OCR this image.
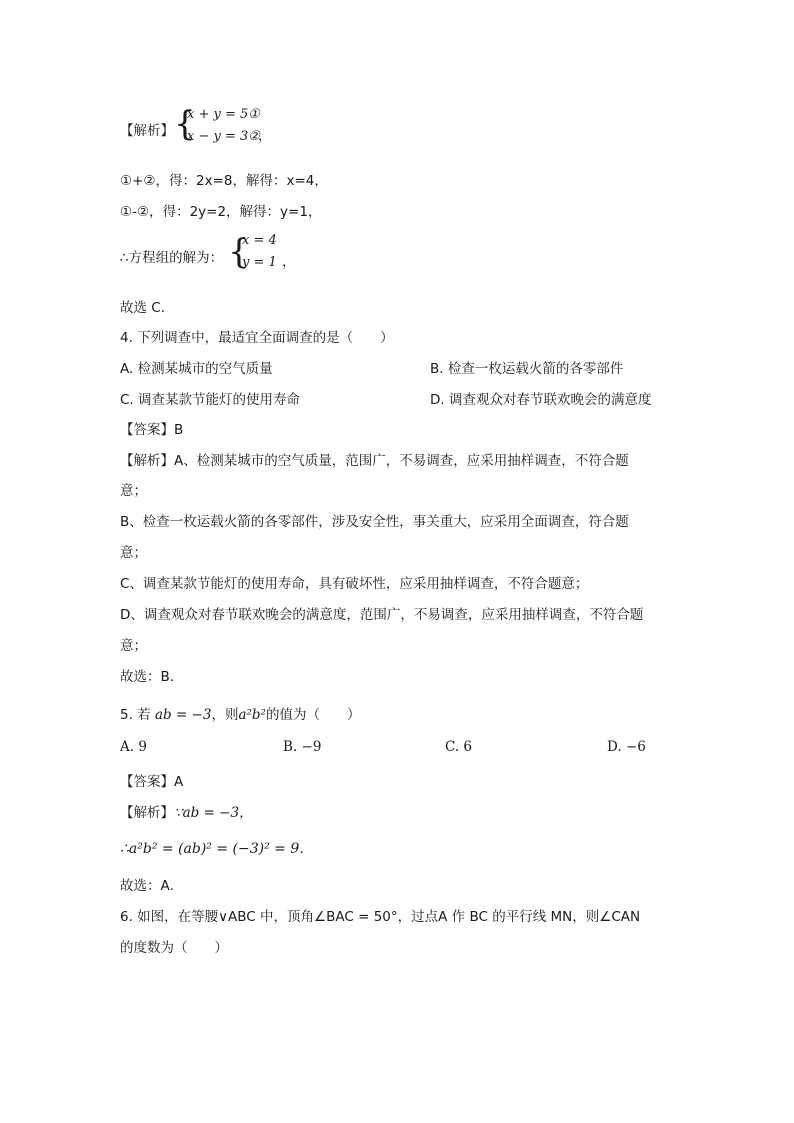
【解析】 {
x + y = 5①
x − y = 3②
，
①+②，得：2x=8，解得：x=4，
①-②，得：2y=2，解得：y=1，
∴方程组的解为： {
x = 4
y = 1 ，
故选 C．
4. 下列调查中，最适宜全面调查的是（　　）
A. 检测某城市的空气质量	B. 检查一枚运载火箭的各零部件
C. 调查某款节能灯的使用寿命	D. 调查观众对春节联欢晚会的满意度
【答案】B
【解析】A、检测某城市的空气质量，范围广，不易调查，应采用抽样调查，不符合题
意；
B、检查一枚运载火箭的各零部件，涉及安全性，事关重大，应采用全面调查，符合题
意；
C、调查某款节能灯的使用寿命，具有破坏性，应采用抽样调查，不符合题意；
D、调查观众对春节联欢晚会的满意度，范围广，不易调查，应采用抽样调查，不符合题
意；
故选：B．
5. 若 ab = −3，则a²b²的值为（　　）
A. 9	B. −9	C. 6	D. −6
【答案】A
【解析】∵ab = −3，
∴a²b² = (ab)² = (−3)² = 9．
故选：A．
6. 如图，在等腰∨ABC 中，顶角∠BAC = 50°，过点A 作 BC 的平行线 MN，则∠CAN
的度数为（　　）
